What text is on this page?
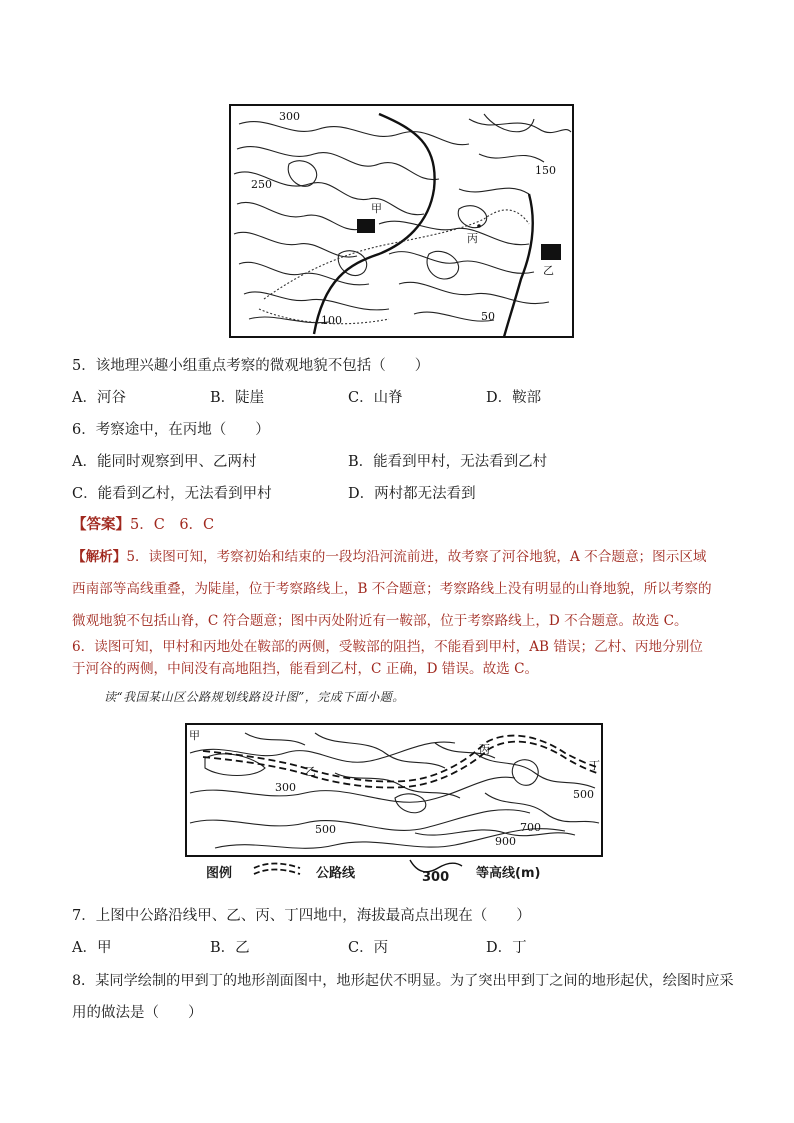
300
250
150
100	50
甲
丙
乙
5．该地理兴趣小组重点考察的微观地貌不包括（　　）
A．河谷	B．陡崖	C．山脊	D．鞍部
6．考察途中，在丙地（　　）
A．能同时观察到甲、乙两村	B．能看到甲村，无法看到乙村
C．能看到乙村，无法看到甲村	D．两村都无法看到
【答案】5．C　6．C
【解析】5．读图可知，考察初始和结束的一段均沿河流前进，故考察了河谷地貌，A 不合题意；图示区域
西南部等高线重叠，为陡崖，位于考察路线上，B 不合题意；考察路线上没有明显的山脊地貌，所以考察的
微观地貌不包括山脊，C 符合题意；图中丙处附近有一鞍部，位于考察路线上，D 不合题意。故选 C。
6．读图可知，甲村和丙地处在鞍部的两侧，受鞍部的阻挡，不能看到甲村，AB 错误；乙村、丙地分别位
于河谷的两侧，中间没有高地阻挡，能看到乙村，C 正确，D 错误。故选 C。
读“我国某山区公路规划线路设计图”，完成下面小题。
甲
乙
丙
丁
300
500
500
700
900
图例	公路线	300 等高线(m)
7．上图中公路沿线甲、乙、丙、丁四地中，海拔最高点出现在（　　）
A．甲	B．乙	C．丙	D．丁
8．某同学绘制的甲到丁的地形剖面图中，地形起伏不明显。为了突出甲到丁之间的地形起伏，绘图时应采
用的做法是（　　）
